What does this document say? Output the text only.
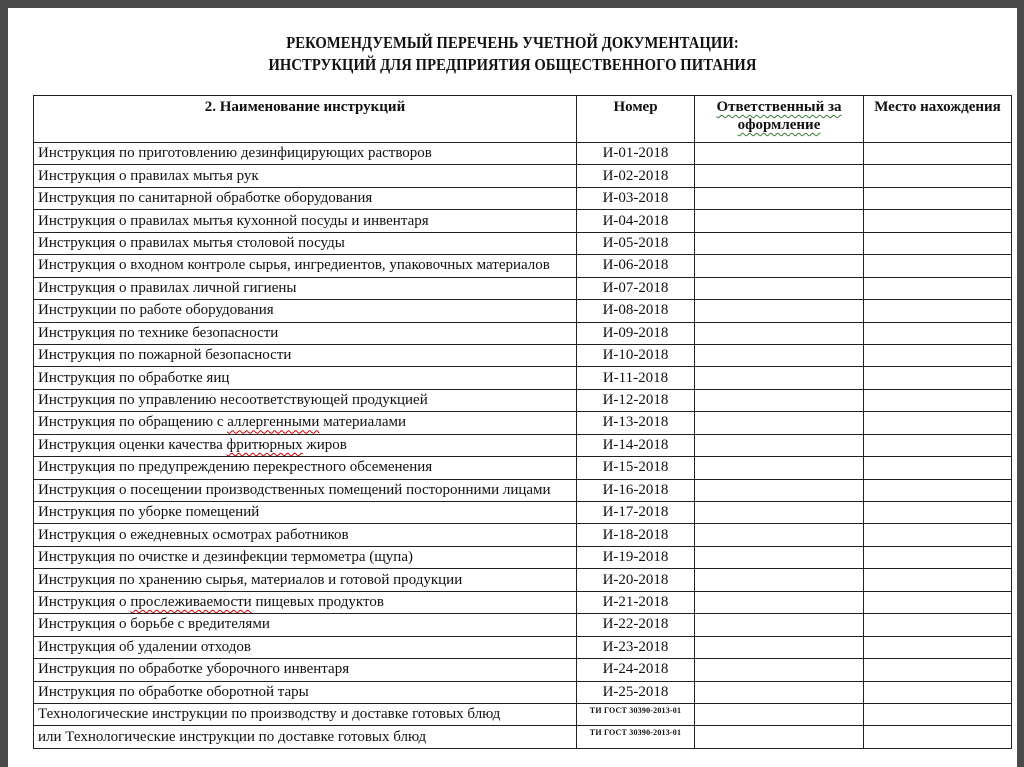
РЕКОМЕНДУЕМЫЙ ПЕРЕЧЕНЬ УЧЕТНОЙ ДОКУМЕНТАЦИИ:
ИНСТРУКЦИЙ ДЛЯ ПРЕДПРИЯТИЯ ОБЩЕСТВЕННОГО ПИТАНИЯ
2. Наименование инструкций	Номер	Ответственный за оформление	Место нахождения
Инструкция по приготовлению дезинфицирующих растворов	И-01-2018		
Инструкция о правилах мытья рук	И-02-2018		
Инструкция по санитарной обработке оборудования	И-03-2018		
Инструкция о правилах мытья кухонной посуды и инвентаря	И-04-2018		
Инструкция о правилах мытья столовой посуды	И-05-2018		
Инструкция о входном контроле сырья, ингредиентов, упаковочных материалов	И-06-2018		
Инструкция о правилах личной гигиены	И-07-2018		
Инструкции по работе оборудования	И-08-2018		
Инструкция по технике безопасности	И-09-2018		
Инструкция по пожарной безопасности	И-10-2018		
Инструкция по обработке яиц	И-11-2018		
Инструкция по управлению несоответствующей продукцией	И-12-2018		
Инструкция по обращению с аллергенными материалами	И-13-2018		
Инструкция оценки качества фритюрных жиров	И-14-2018		
Инструкция по предупреждению перекрестного обсеменения	И-15-2018		
Инструкция о посещении производственных помещений посторонними лицами	И-16-2018		
Инструкция по уборке помещений	И-17-2018		
Инструкция о ежедневных осмотрах работников	И-18-2018		
Инструкция по очистке и дезинфекции термометра (щупа)	И-19-2018		
Инструкция по хранению сырья, материалов и готовой продукции	И-20-2018		
Инструкция о прослеживаемости пищевых продуктов	И-21-2018		
Инструкция о борьбе с вредителями	И-22-2018		
Инструкция об удалении отходов	И-23-2018		
Инструкция по обработке уборочного инвентаря	И-24-2018		
Инструкция по обработке оборотной тары	И-25-2018		
Технологические инструкции по производству и доставке готовых блюд	ТИ ГОСТ 30390-2013-01		
или Технологические инструкции по доставке готовых блюд	ТИ ГОСТ 30390-2013-01		
